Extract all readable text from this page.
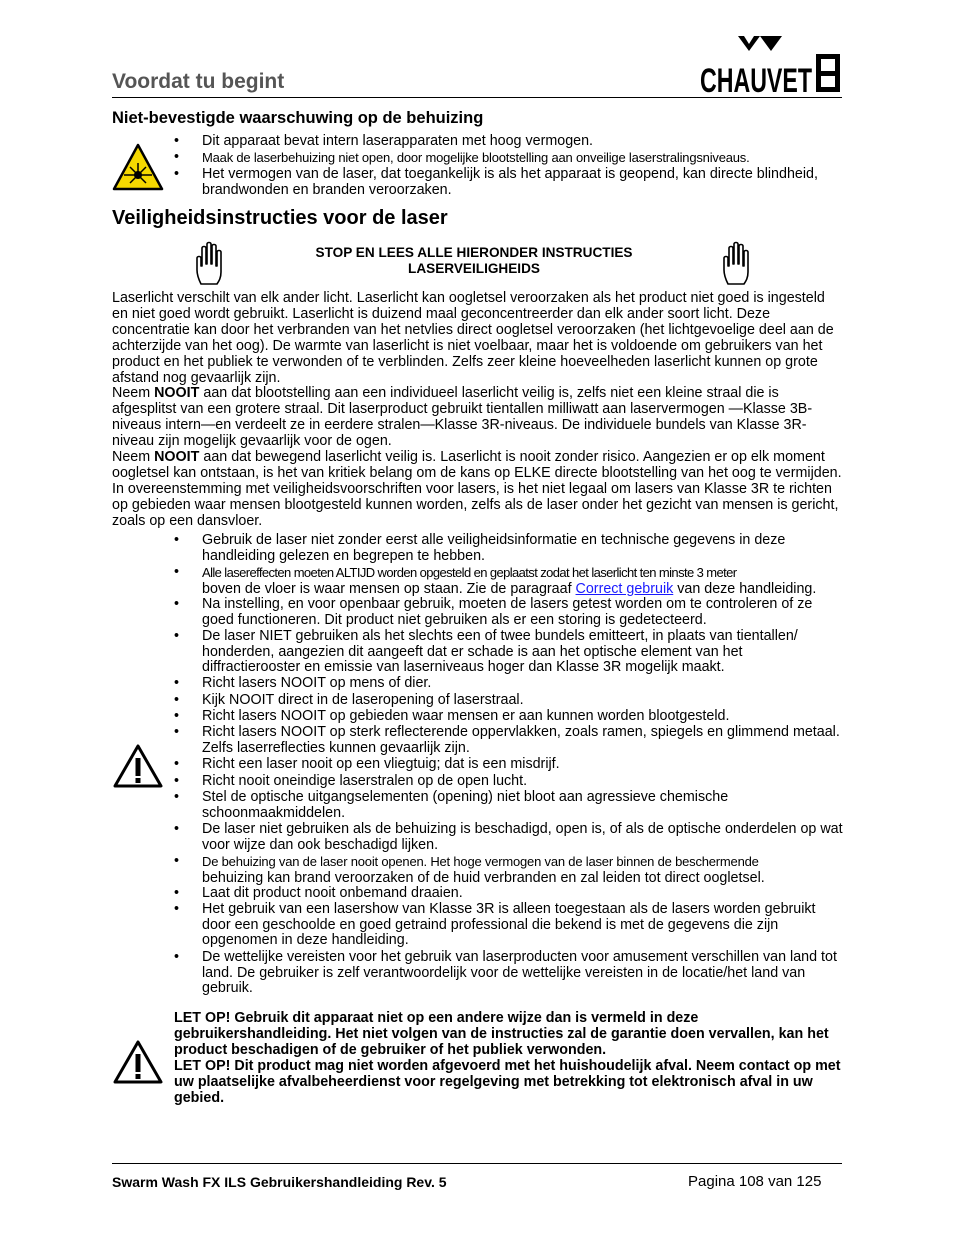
Voordat tu begint	CHAUVET
Niet-bevestigde waarschuwing op de behuizing
•	Dit apparaat bevat intern laserapparaten met hoog vermogen.
•	Maak de laserbehuizing niet open, door mogelijke blootstelling aan onveilige laserstralingsniveaus.
•	Het vermogen van de laser, dat toegankelijk is als het apparaat is geopend, kan directe blindheid, brandwonden en branden veroorzaken.
Veiligheidsinstructies voor de laser
STOP EN LEES ALLE HIERONDER INSTRUCTIES
LASERVEILIGHEIDS
Laserlicht verschilt van elk ander licht. Laserlicht kan oogletsel veroorzaken als het product niet goed is ingesteld en niet goed wordt gebruikt. Laserlicht is duizend maal geconcentreerder dan elk ander soort licht. Deze concentratie kan door het verbranden van het netvlies direct oogletsel veroorzaken (het lichtgevoelige deel aan de achterzijde van het oog). De warmte van laserlicht is niet voelbaar, maar het is voldoende om gebruikers van het product en het publiek te verwonden of te verblinden. Zelfs zeer kleine hoeveelheden laserlicht kunnen op grote afstand nog gevaarlijk zijn.
Neem NOOIT aan dat blootstelling aan een individueel laserlicht veilig is, zelfs niet een kleine straal die is afgesplitst van een grotere straal. Dit laserproduct gebruikt tientallen milliwatt aan laservermogen —Klasse 3B-niveaus intern—en verdeelt ze in eerdere stralen—Klasse 3R-niveaus. De individuele bundels van Klasse 3R-niveau zijn mogelijk gevaarlijk voor de ogen.
Neem NOOIT aan dat bewegend laserlicht veilig is. Laserlicht is nooit zonder risico. Aangezien er op elk moment oogletsel kan ontstaan, is het van kritiek belang om de kans op ELKE directe blootstelling van het oog te vermijden. In overeenstemming met veiligheidsvoorschriften voor lasers, is het niet legaal om lasers van Klasse 3R te richten op gebieden waar mensen blootgesteld kunnen worden, zelfs als de laser onder het gezicht van mensen is gericht, zoals op een dansvloer.
•	Gebruik de laser niet zonder eerst alle veiligheidsinformatie en technische gegevens in deze handleiding gelezen en begrepen te hebben.
•	Alle lasereffecten moeten ALTIJD worden opgesteld en geplaatst zodat het laserlicht ten minste 3 meter
boven de vloer is waar mensen op staan. Zie de paragraaf Correct gebruik van deze handleiding.
•	Na instelling, en voor openbaar gebruik, moeten de lasers getest worden om te controleren of ze goed functioneren. Dit product niet gebruiken als er een storing is gedetecteerd.
•	De laser NIET gebruiken als het slechts een of twee bundels emitteert, in plaats van tientallen/ honderden, aangezien dit aangeeft dat er schade is aan het optische element van het diffractierooster en emissie van laserniveaus hoger dan Klasse 3R mogelijk maakt.
•	Richt lasers NOOIT op mens of dier.
•	Kijk NOOIT direct in de laseropening of laserstraal.
•	Richt lasers NOOIT op gebieden waar mensen er aan kunnen worden blootgesteld.
•	Richt lasers NOOIT op sterk reflecterende oppervlakken, zoals ramen, spiegels en glimmend metaal. Zelfs laserreflecties kunnen gevaarlijk zijn.
•	Richt een laser nooit op een vliegtuig; dat is een misdrijf.
•	Richt nooit oneindige laserstralen op de open lucht.
•	Stel de optische uitgangselementen (opening) niet bloot aan agressieve chemische schoonmaakmiddelen.
•	De laser niet gebruiken als de behuizing is beschadigd, open is, of als de optische onderdelen op wat voor wijze dan ook beschadigd lijken.
•	De behuizing van de laser nooit openen. Het hoge vermogen van de laser binnen de beschermende
behuizing kan brand veroorzaken of de huid verbranden en zal leiden tot direct oogletsel.
•	Laat dit product nooit onbemand draaien.
•	Het gebruik van een lasershow van Klasse 3R is alleen toegestaan als de lasers worden gebruikt door een geschoolde en goed getraind professional die bekend is met de gegevens die zijn opgenomen in deze handleiding.
•	De wettelijke vereisten voor het gebruik van laserproducten voor amusement verschillen van land tot land. De gebruiker is zelf verantwoordelijk voor de wettelijke vereisten in de locatie/het land van gebruik.
LET OP! Gebruik dit apparaat niet op een andere wijze dan is vermeld in deze gebruikershandleiding. Het niet volgen van de instructies zal de garantie doen vervallen, kan het product beschadigen of de gebruiker of het publiek verwonden.
LET OP! Dit product mag niet worden afgevoerd met het huishoudelijk afval. Neem contact op met uw plaatselijke afvalbeheerdienst voor regelgeving met betrekking tot elektronisch afval in uw gebied.
Swarm Wash FX ILS Gebruikershandleiding Rev. 5	Pagina 108 van 125
